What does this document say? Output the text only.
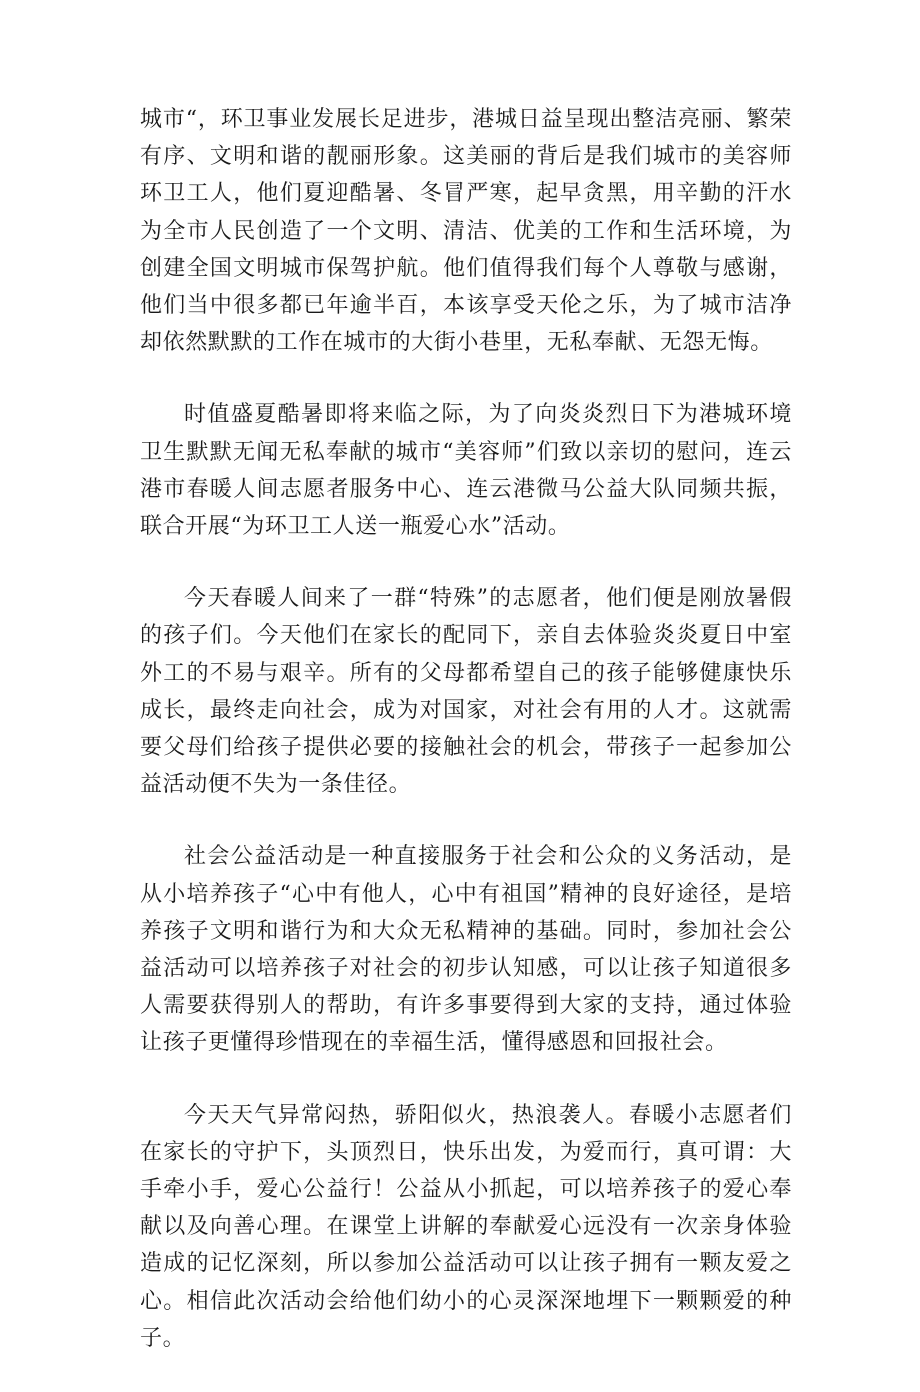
城市“，环卫事业发展长足进步，港城日益呈现出整洁亮丽、繁荣有序、文明和谐的靓丽形象。这美丽的背后是我们城市的美容师环卫工人，他们夏迎酷暑、冬冒严寒，起早贪黑，用辛勤的汗水为全市人民创造了一个文明、清洁、优美的工作和生活环境，为创建全国文明城市保驾护航。他们值得我们每个人尊敬与感谢，他们当中很多都已年逾半百，本该享受天伦之乐，为了城市洁净却依然默默的工作在城市的大街小巷里，无私奉献、无怨无悔。

时值盛夏酷暑即将来临之际，为了向炎炎烈日下为港城环境卫生默默无闻无私奉献的城市“美容师”们致以亲切的慰问，连云港市春暖人间志愿者服务中心、连云港微马公益大队同频共振，联合开展“为环卫工人送一瓶爱心水”活动。

今天春暖人间来了一群“特殊”的志愿者，他们便是刚放暑假的孩子们。今天他们在家长的配同下，亲自去体验炎炎夏日中室外工的不易与艰辛。所有的父母都希望自己的孩子能够健康快乐成长，最终走向社会，成为对国家，对社会有用的人才。这就需要父母们给孩子提供必要的接触社会的机会，带孩子一起参加公益活动便不失为一条佳径。

社会公益活动是一种直接服务于社会和公众的义务活动，是从小培养孩子“心中有他人，心中有祖国”精神的良好途径，是培养孩子文明和谐行为和大众无私精神的基础。同时，参加社会公益活动可以培养孩子对社会的初步认知感，可以让孩子知道很多人需要获得别人的帮助，有许多事要得到大家的支持，通过体验让孩子更懂得珍惜现在的幸福生活，懂得感恩和回报社会。

今天天气异常闷热，骄阳似火，热浪袭人。春暖小志愿者们在家长的守护下，头顶烈日，快乐出发，为爱而行，真可谓：大手牵小手，爱心公益行！公益从小抓起，可以培养孩子的爱心奉献以及向善心理。在课堂上讲解的奉献爱心远没有一次亲身体验造成的记忆深刻，所以参加公益活动可以让孩子拥有一颗友爱之心。相信此次活动会给他们幼小的心灵深深地埋下一颗颗爱的种子。
